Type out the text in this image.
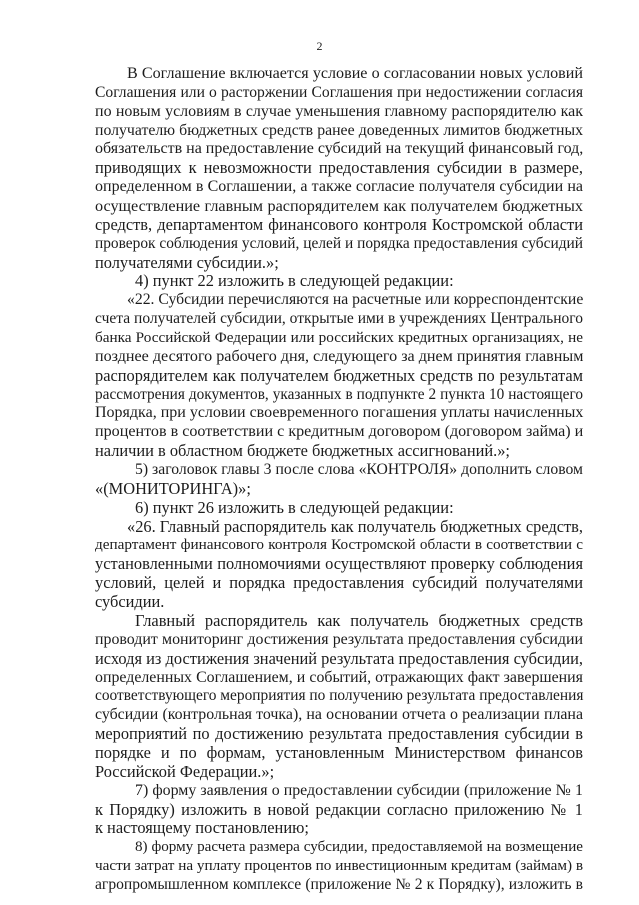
2
В Соглашение включается условие о согласовании новых условий
Соглашения или о расторжении Соглашения при недостижении согласия
по новым условиям в случае уменьшения главному распорядителю как
получателю бюджетных средств ранее доведенных лимитов бюджетных
обязательств на предоставление субсидий на текущий финансовый год,
приводящих к невозможности предоставления субсидии в размере,
определенном в Соглашении, а также согласие получателя субсидии на
осуществление главным распорядителем как получателем бюджетных
средств, департаментом финансового контроля Костромской области
проверок соблюдения условий, целей и порядка предоставления субсидий
получателями субсидии.»;
4) пункт 22 изложить в следующей редакции:
«22. Субсидии перечисляются на расчетные или корреспондентские
счета получателей субсидии, открытые ими в учреждениях Центрального
банка Российской Федерации или российских кредитных организациях, не
позднее десятого рабочего дня, следующего за днем принятия главным
распорядителем как получателем бюджетных средств по результатам
рассмотрения документов, указанных в подпункте 2 пункта 10 настоящего
Порядка, при условии своевременного погашения уплаты начисленных
процентов в соответствии с кредитным договором (договором займа) и
наличии в областном бюджете бюджетных ассигнований.»;
5) заголовок главы 3 после слова «КОНТРОЛЯ» дополнить словом
«(МОНИТОРИНГА)»;
6) пункт 26 изложить в следующей редакции:
«26. Главный распорядитель как получатель бюджетных средств,
департамент финансового контроля Костромской области в соответствии с
установленными полномочиями осуществляют проверку соблюдения
условий, целей и порядка предоставления субсидий получателями
субсидии.
Главный распорядитель как получатель бюджетных средств
проводит мониторинг достижения результата предоставления субсидии
исходя из достижения значений результата предоставления субсидии,
определенных Соглашением, и событий, отражающих факт завершения
соответствующего мероприятия по получению результата предоставления
субсидии (контрольная точка), на основании отчета о реализации плана
мероприятий по достижению результата предоставления субсидии в
порядке и по формам, установленным Министерством финансов
Российской Федерации.»;
7) форму заявления о предоставлении субсидии (приложение № 1
к Порядку) изложить в новой редакции согласно приложению № 1
к настоящему постановлению;
8) форму расчета размера субсидии, предоставляемой на возмещение
части затрат на уплату процентов по инвестиционным кредитам (займам) в
агропромышленном комплексе (приложение № 2 к Порядку), изложить в
